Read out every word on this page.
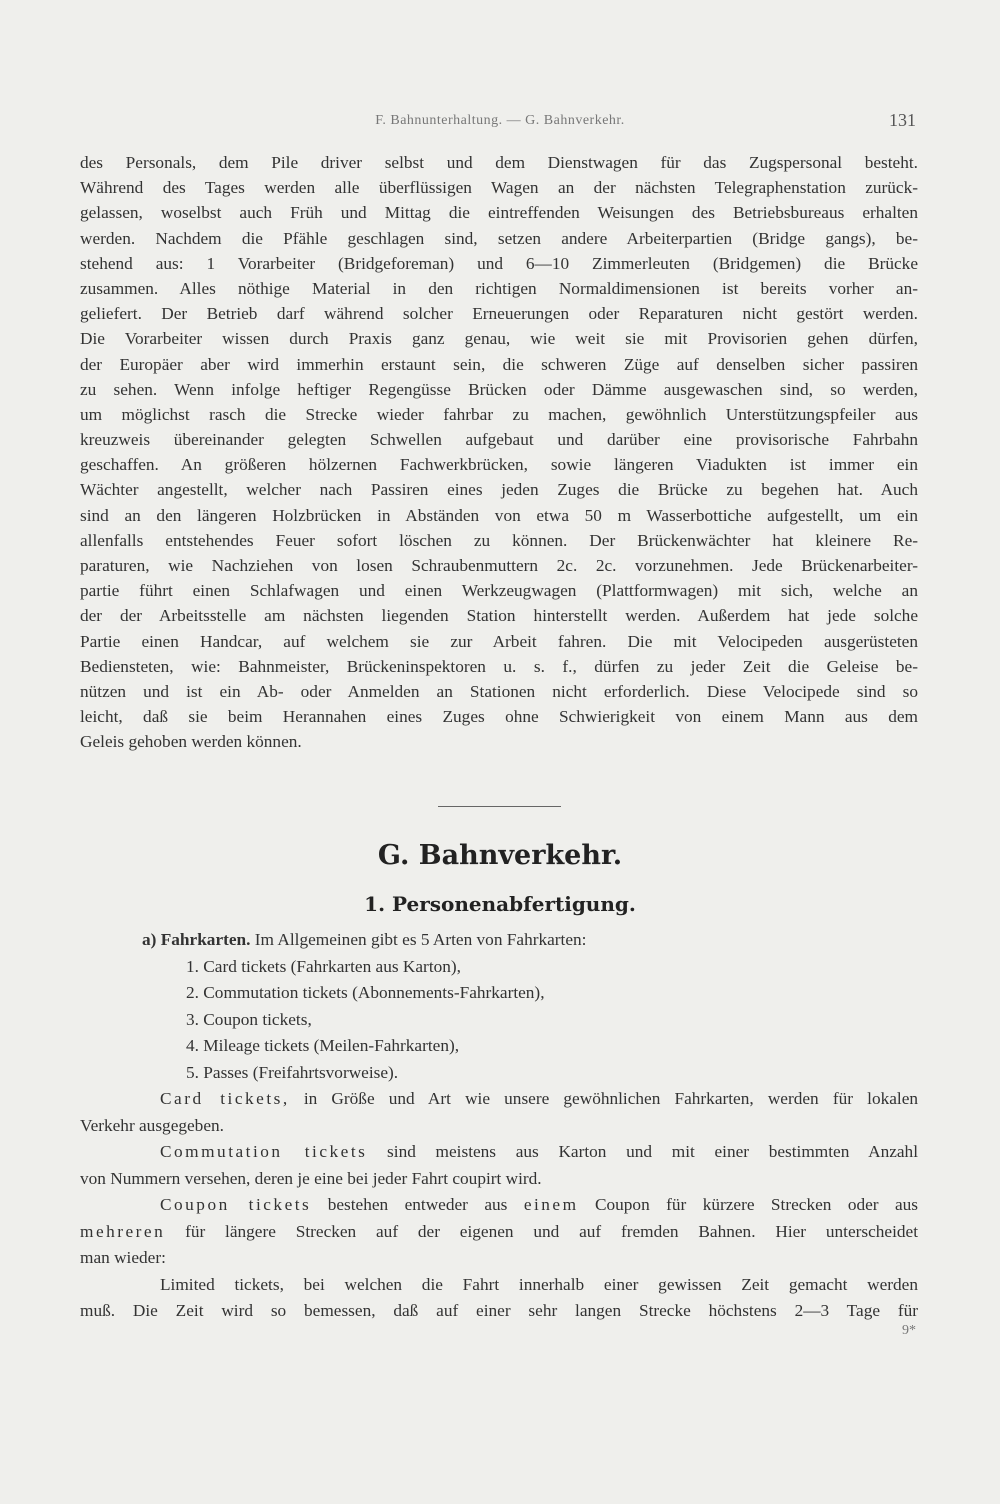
F. Bahnunterhaltung. — G. Bahnverkehr.	131
des Personals, dem Pile driver selbst und dem Dienstwagen für das Zugspersonal besteht.
Während des Tages werden alle überflüssigen Wagen an der nächsten Telegraphenstation zurück-
gelassen, woselbst auch Früh und Mittag die eintreffenden Weisungen des Betriebsbureaus erhalten
werden. Nachdem die Pfähle geschlagen sind, setzen andere Arbeiterpartien (Bridge gangs), be-
stehend aus: 1 Vorarbeiter (Bridgeforeman) und 6—10 Zimmerleuten (Bridgemen) die Brücke
zusammen. Alles nöthige Material in den richtigen Normaldimensionen ist bereits vorher an-
geliefert. Der Betrieb darf während solcher Erneuerungen oder Reparaturen nicht gestört werden.
Die Vorarbeiter wissen durch Praxis ganz genau, wie weit sie mit Provisorien gehen dürfen,
der Europäer aber wird immerhin erstaunt sein, die schweren Züge auf denselben sicher passiren
zu sehen. Wenn infolge heftiger Regengüsse Brücken oder Dämme ausgewaschen sind, so werden,
um möglichst rasch die Strecke wieder fahrbar zu machen, gewöhnlich Unterstützungspfeiler aus
kreuzweis übereinander gelegten Schwellen aufgebaut und darüber eine provisorische Fahrbahn
geschaffen. An größeren hölzernen Fachwerkbrücken, sowie längeren Viadukten ist immer ein
Wächter angestellt, welcher nach Passiren eines jeden Zuges die Brücke zu begehen hat. Auch
sind an den längeren Holzbrücken in Abständen von etwa 50 m Wasserbottiche aufgestellt, um ein
allenfalls entstehendes Feuer sofort löschen zu können. Der Brückenwächter hat kleinere Re-
paraturen, wie Nachziehen von losen Schraubenmuttern 2c. 2c. vorzunehmen. Jede Brückenarbeiter-
partie führt einen Schlafwagen und einen Werkzeugwagen (Plattformwagen) mit sich, welche an
der der Arbeitsstelle am nächsten liegenden Station hinterstellt werden. Außerdem hat jede solche
Partie einen Handcar, auf welchem sie zur Arbeit fahren. Die mit Velocipeden ausgerüsteten
Bediensteten, wie: Bahnmeister, Brückeninspektoren u. s. f., dürfen zu jeder Zeit die Geleise be-
nützen und ist ein Ab- oder Anmelden an Stationen nicht erforderlich. Diese Velocipede sind so
leicht, daß sie beim Herannahen eines Zuges ohne Schwierigkeit von einem Mann aus dem
Geleis gehoben werden können.
G. Bahnverkehr.
1. Personenabfertigung.
a) Fahrkarten. Im Allgemeinen gibt es 5 Arten von Fahrkarten:
1. Card tickets (Fahrkarten aus Karton),
2. Commutation tickets (Abonnements-Fahrkarten),
3. Coupon tickets,
4. Mileage tickets (Meilen-Fahrkarten),
5. Passes (Freifahrtsvorweise).
Card tickets, in Größe und Art wie unsere gewöhnlichen Fahrkarten, werden für lokalen
Verkehr ausgegeben.
Commutation tickets sind meistens aus Karton und mit einer bestimmten Anzahl
von Nummern versehen, deren je eine bei jeder Fahrt coupirt wird.
Coupon tickets bestehen entweder aus einem Coupon für kürzere Strecken oder aus
mehreren für längere Strecken auf der eigenen und auf fremden Bahnen. Hier unterscheidet
man wieder:
Limited tickets, bei welchen die Fahrt innerhalb einer gewissen Zeit gemacht werden
muß. Die Zeit wird so bemessen, daß auf einer sehr langen Strecke höchstens 2—3 Tage für
9*
